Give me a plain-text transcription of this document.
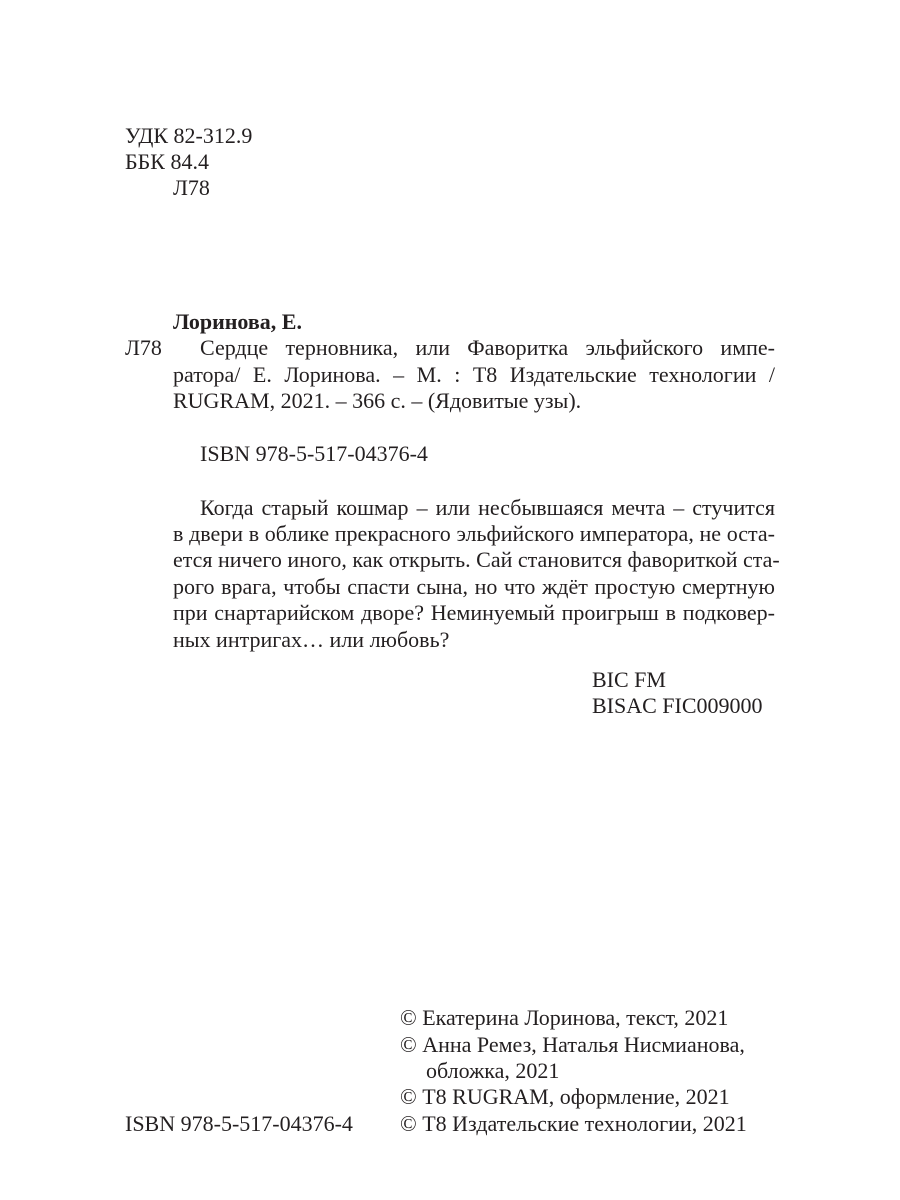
УДК 82-312.9
ББК 84.4
Л78
Лоринова, Е.
Л78 Сердце терновника, или Фаворитка эльфийского импе-
ратора/ Е. Лоринова. – М. : Т8 Издательские технологии /
RUGRAM, 2021. – 366 с. – (Ядовитые узы).
ISBN 978-5-517-04376-4
Когда старый кошмар – или несбывшаяся мечта – стучится
в двери в облике прекрасного эльфийского императора, не оста-
ется ничего иного, как открыть. Сай становится фавориткой ста-
рого врага, чтобы спасти сына, но что ждёт простую смертную
при снартарийском дворе? Неминуемый проигрыш в подковер-
ных интригах… или любовь?
BIC FM
BISAC FIC009000
© Екатерина Лоринова, текст, 2021
© Анна Ремез, Наталья Нисмианова,
обложка, 2021
© Т8 RUGRAM, оформление, 2021
© Т8 Издательские технологии, 2021
ISBN 978-5-517-04376-4
